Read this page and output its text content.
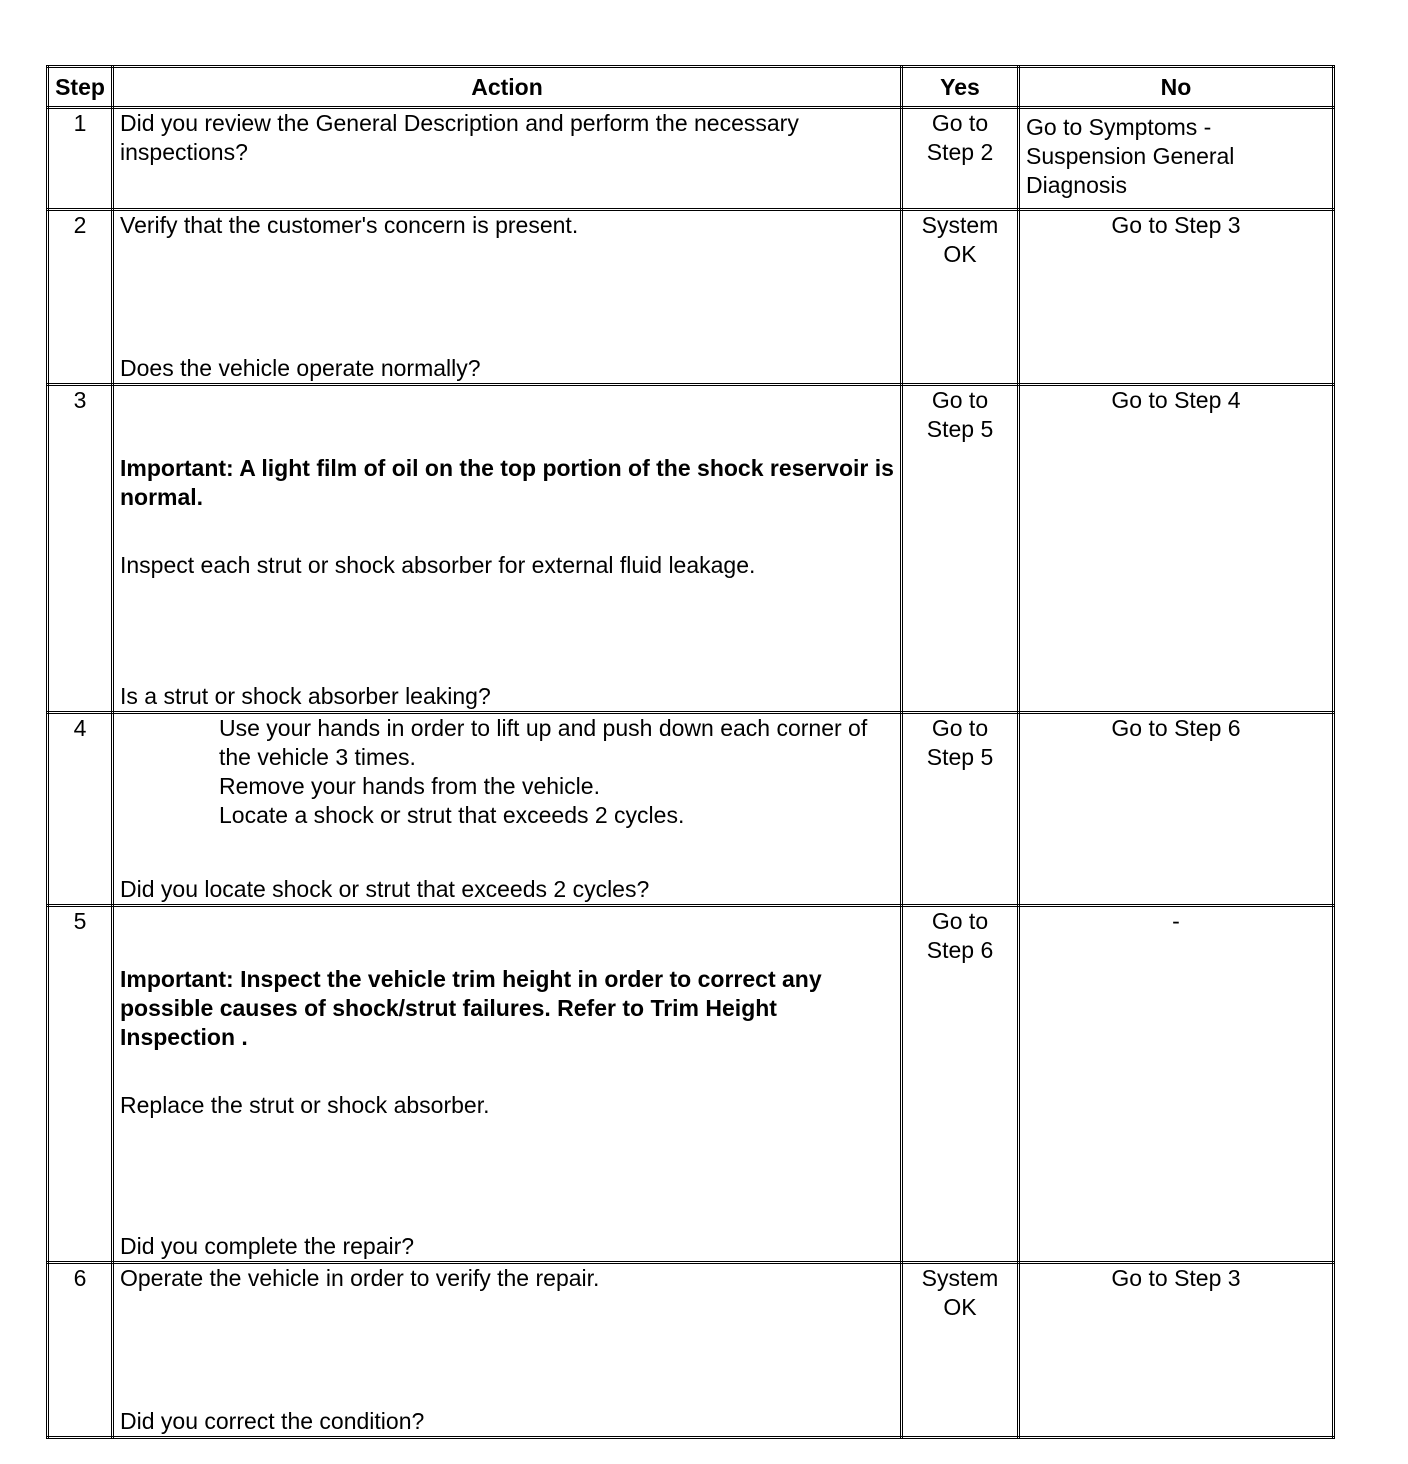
Step	Action	Yes	No
1	Did you review the General Description and perform the necessary inspections?	Go to Step 2	Go to Symptoms - Suspension General Diagnosis
2	Verify that the customer's concern is present.
Does the vehicle operate normally?	System OK	Go to Step 3
3	Important: A light film of oil on the top portion of the shock reservoir is normal.
Inspect each strut or shock absorber for external fluid leakage.
Is a strut or shock absorber leaking?	Go to Step 5	Go to Step 4
4	Use your hands in order to lift up and push down each corner of the vehicle 3 times.
Remove your hands from the vehicle.
Locate a shock or strut that exceeds 2 cycles.
Did you locate shock or strut that exceeds 2 cycles?	Go to Step 5	Go to Step 6
5	Important: Inspect the vehicle trim height in order to correct any possible causes of shock/strut failures. Refer to Trim Height Inspection .
Replace the strut or shock absorber.
Did you complete the repair?	Go to Step 6	-
6	Operate the vehicle in order to verify the repair.
Did you correct the condition?	System OK	Go to Step 3
